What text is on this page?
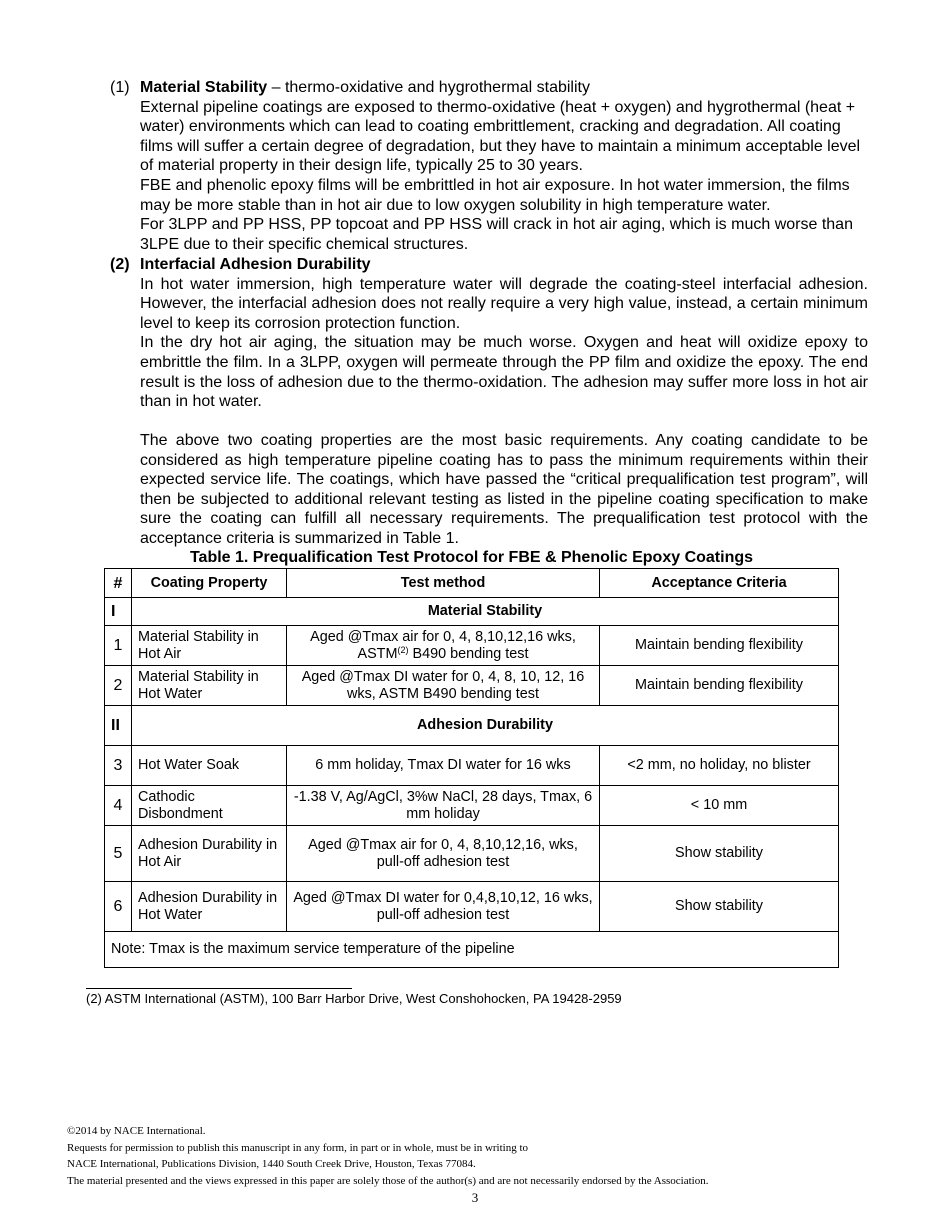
(1) Material Stability – thermo-oxidative and hygrothermal stability
External pipeline coatings are exposed to thermo-oxidative (heat + oxygen) and hygrothermal (heat + water) environments which can lead to coating embrittlement, cracking and degradation. All coating films will suffer a certain degree of degradation, but they have to maintain a minimum acceptable level of material property in their design life, typically 25 to 30 years.
FBE and phenolic epoxy films will be embrittled in hot air exposure. In hot water immersion, the films may be more stable than in hot air due to low oxygen solubility in high temperature water.
For 3LPP and PP HSS, PP topcoat and PP HSS will crack in hot air aging, which is much worse than 3LPE due to their specific chemical structures.
(2) Interfacial Adhesion Durability
In hot water immersion, high temperature water will degrade the coating-steel interfacial adhesion. However, the interfacial adhesion does not really require a very high value, instead, a certain minimum level to keep its corrosion protection function.
In the dry hot air aging, the situation may be much worse. Oxygen and heat will oxidize epoxy to embrittle the film. In a 3LPP, oxygen will permeate through the PP film and oxidize the epoxy. The end result is the loss of adhesion due to the thermo-oxidation. The adhesion may suffer more loss in hot air than in hot water.
The above two coating properties are the most basic requirements. Any coating candidate to be considered as high temperature pipeline coating has to pass the minimum requirements within their expected service life. The coatings, which have passed the “critical prequalification test program”, will then be subjected to additional relevant testing as listed in the pipeline coating specification to make sure the coating can fulfill all necessary requirements. The prequalification test protocol with the acceptance criteria is summarized in Table 1.
Table 1. Prequalification Test Protocol for FBE & Phenolic Epoxy Coatings
#	Coating Property	Test method	Acceptance Criteria
I	Material Stability		
1	Material Stability in Hot Air	Aged @Tmax air for 0, 4, 8,10,12,16 wks, ASTM$^{(2)}$ B490 bending test	Maintain bending flexibility
2	Material Stability in Hot Water	Aged @Tmax DI water for 0, 4, 8, 10, 12, 16 wks, ASTM B490 bending test	Maintain bending flexibility
II	Adhesion Durability		
3	Hot Water Soak	6 mm holiday, Tmax DI water for 16 wks	<2 mm, no holiday, no blister
4	Cathodic Disbondment	-1.38 V, Ag/AgCl, 3%w NaCl, 28 days, Tmax, 6 mm holiday	< 10 mm
5	Adhesion Durability in Hot Air	Aged @Tmax air for 0, 4, 8,10,12,16, wks, pull-off adhesion test	Show stability
6	Adhesion Durability in Hot Water	Aged @Tmax DI water for 0,4,8,10,12, 16 wks, pull-off adhesion test	Show stability
Note: Tmax is the maximum service temperature of the pipeline			
(2) ASTM International (ASTM), 100 Barr Harbor Drive, West Conshohocken, PA 19428-2959
©2014 by NACE International.
Requests for permission to publish this manuscript in any form, in part or in whole, must be in writing to
NACE International, Publications Division, 1440 South Creek Drive, Houston, Texas 77084.
The material presented and the views expressed in this paper are solely those of the author(s) and are not necessarily endorsed by the Association.
3
